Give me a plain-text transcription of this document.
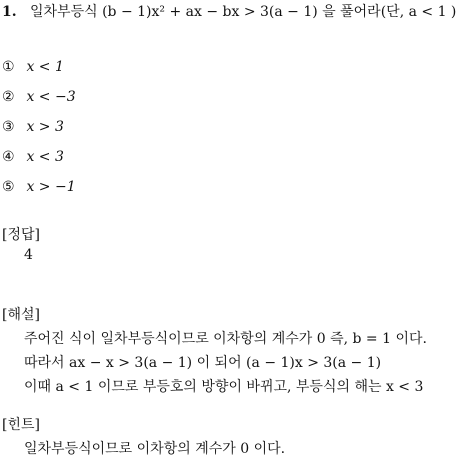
1. 일차부등식 (b − 1)x² + ax − bx > 3(a − 1) 을 풀어라(단, a < 1 )
① x < 1
② x < −3
③ x > 3
④ x < 3
⑤ x > −1
[정답]
4
[해설]
주어진 식이 일차부등식이므로 이차항의 계수가 0 즉, b = 1 이다.
따라서 ax − x > 3(a − 1) 이 되어 (a − 1)x > 3(a − 1)
이때 a < 1 이므로 부등호의 방향이 바뀌고, 부등식의 해는 x < 3
[힌트]
일차부등식이므로 이차항의 계수가 0 이다.
